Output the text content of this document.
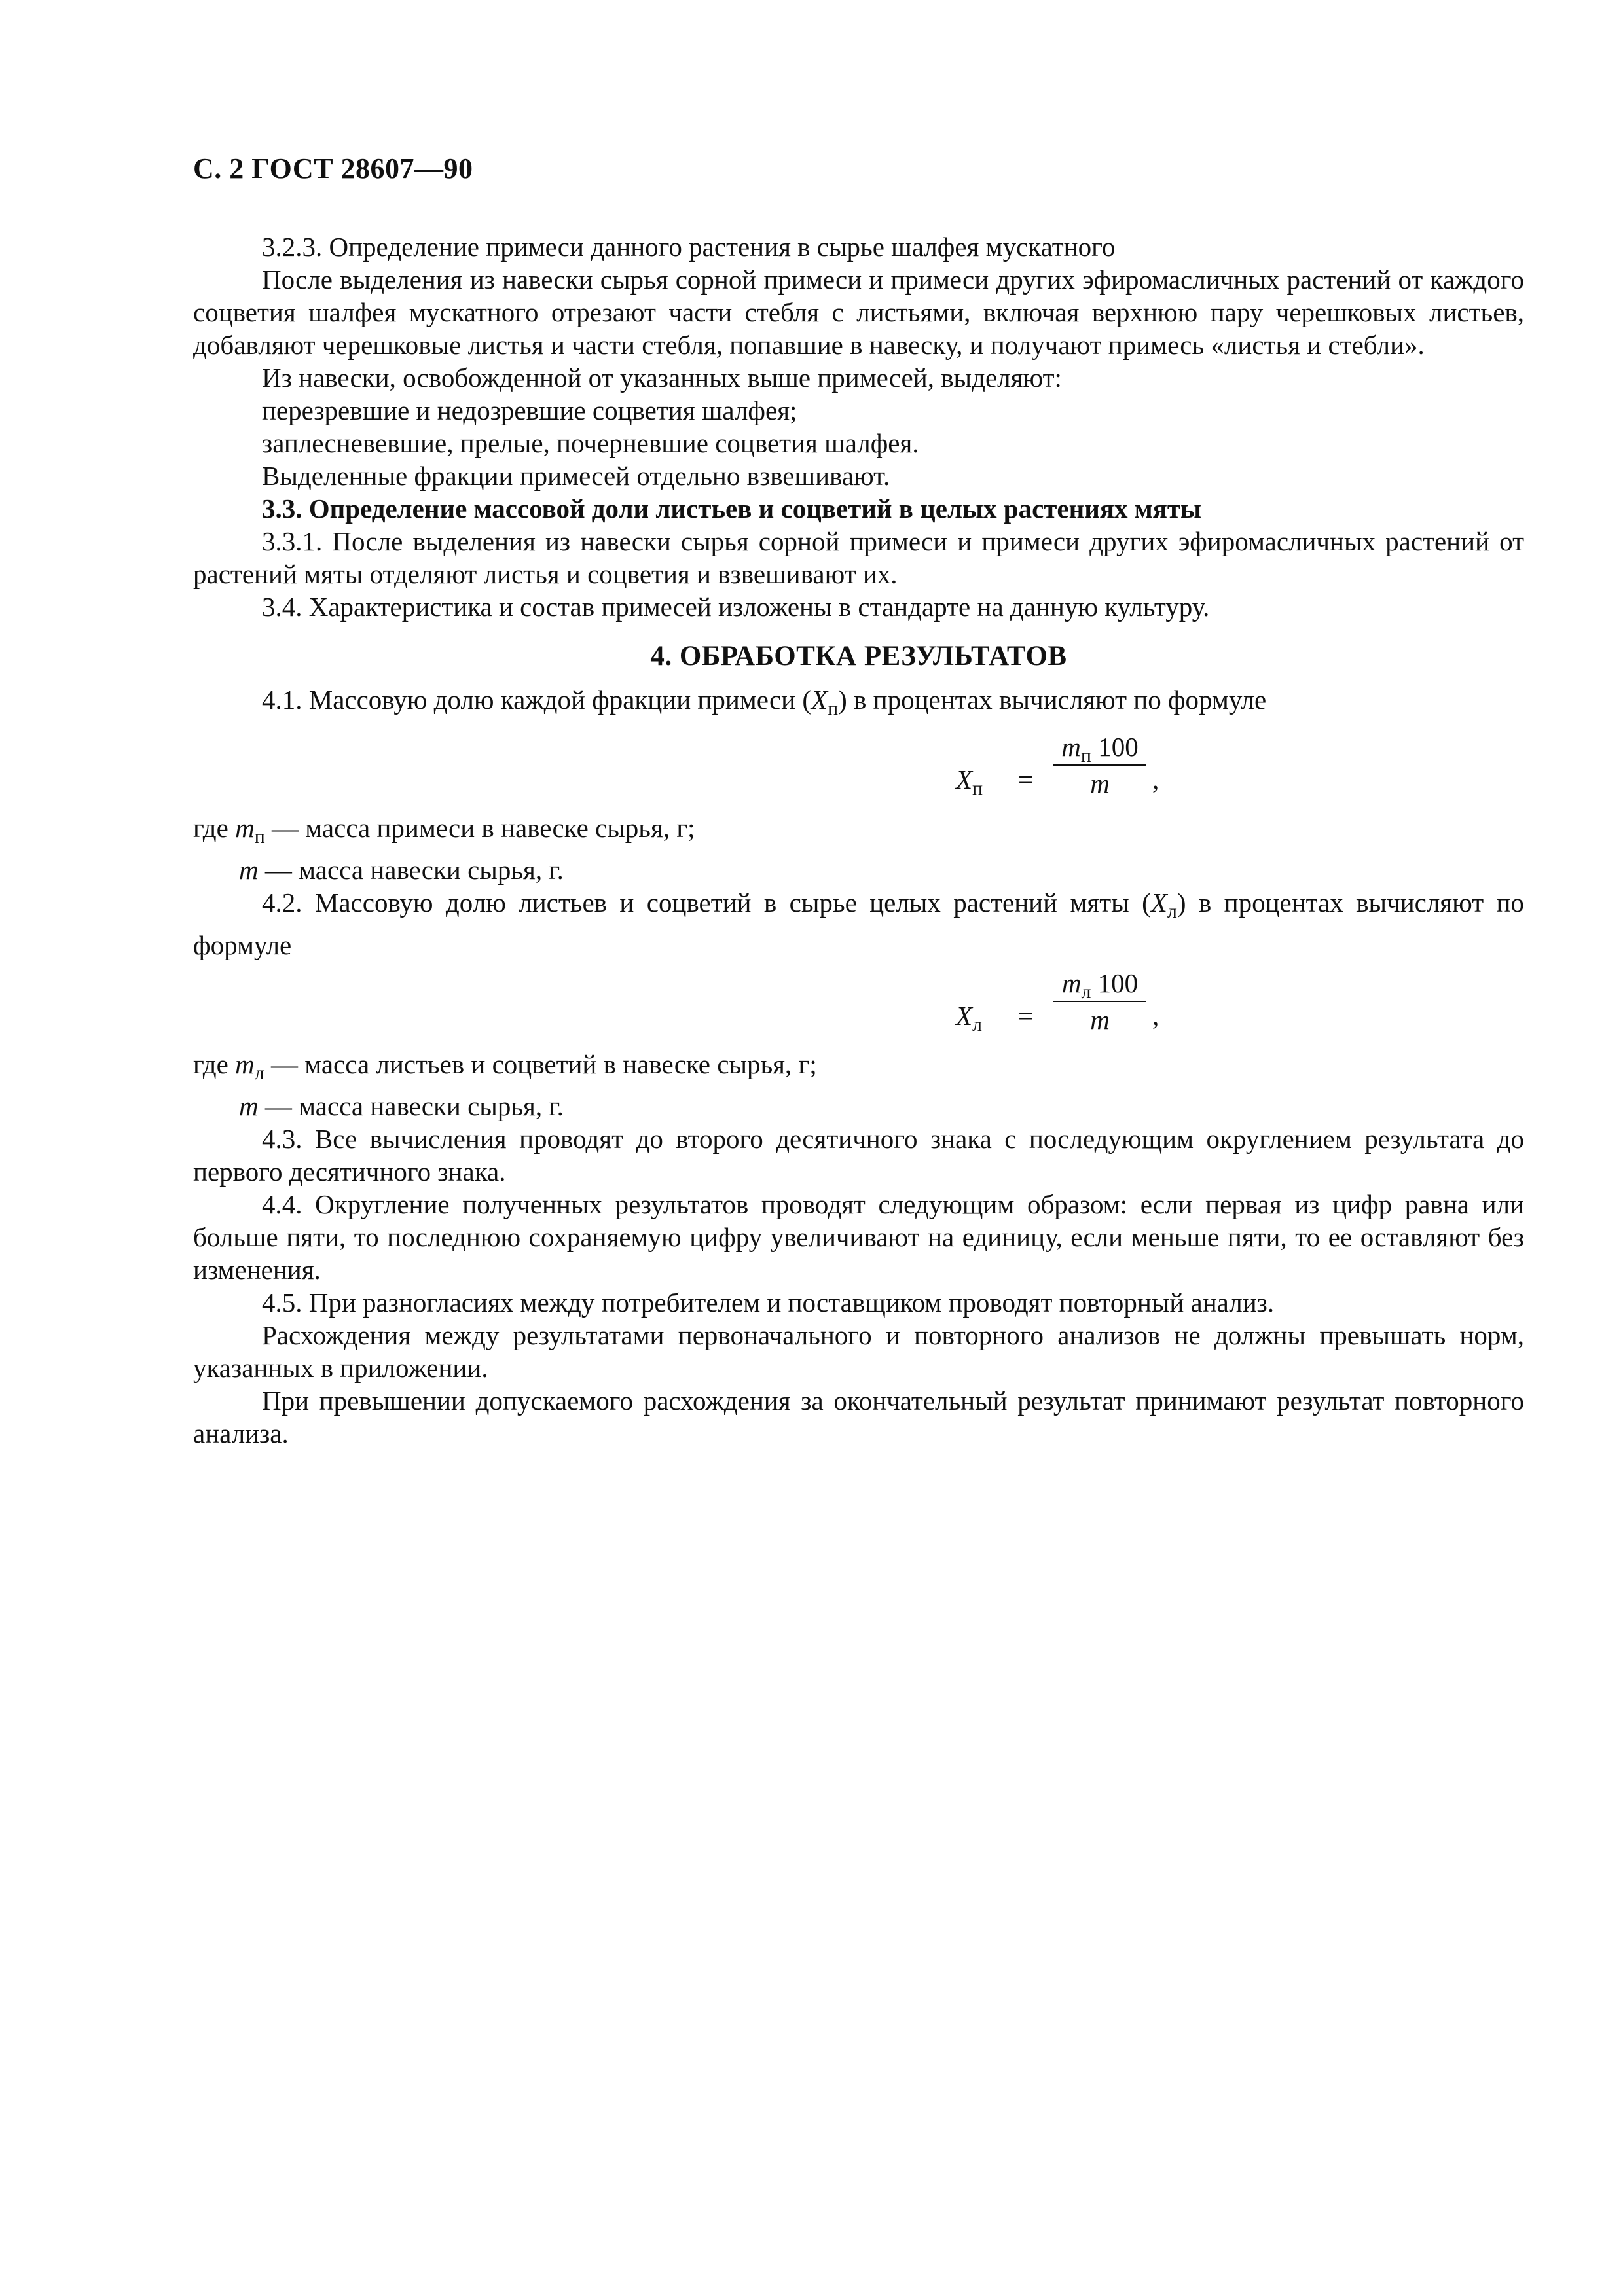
С. 2 ГОСТ 28607—90

3.2.3. Определение примеси данного растения в сырье шалфея мускатного

После выделения из навески сырья сорной примеси и примеси других эфиромасличных растений от каждого соцветия шалфея мускатного отрезают части стебля с листьями, включая верхнюю пару черешковых листьев, добавляют черешковые листья и части стебля, попавшие в навеску, и получают примесь «листья и стебли».

Из навески, освобожденной от указанных выше примесей, выделяют:

перезревшие и недозревшие соцветия шалфея;

заплесневевшие, прелые, почерневшие соцветия шалфея.

Выделенные фракции примесей отдельно взвешивают.

3.3. Определение массовой доли листьев и соцветий в целых растениях мяты

3.3.1. После выделения из навески сырья сорной примеси и примеси других эфиромасличных растений от растений мяты отделяют листья и соцветия и взвешивают их.

3.4. Характеристика и состав примесей изложены в стандарте на данную культуру.

4. ОБРАБОТКА РЕЗУЛЬТАТОВ

4.1. Массовую долю каждой фракции примеси $(X_п)$ в процентах вычисляют по формуле

$X_п$ =
$m_п$ 100
m	,

где $m_п$ — масса примеси в навеске сырья, г;

m — масса навески сырья, г.

4.2. Массовую долю листьев и соцветий в сырье целых растений мяты $(X_л)$ в процентах вычисляют по формуле

$X_л$ =
$m_л$ 100
m	,

где $m_л$ — масса листьев и соцветий в навеске сырья, г;

m — масса навески сырья, г.

4.3. Все вычисления проводят до второго десятичного знака с последующим округлением результата до первого десятичного знака.

4.4. Округление полученных результатов проводят следующим образом: если первая из цифр равна или больше пяти, то последнюю сохраняемую цифру увеличивают на единицу, если меньше пяти, то ее оставляют без изменения.

4.5. При разногласиях между потребителем и поставщиком проводят повторный анализ.

Расхождения между результатами первоначального и повторного анализов не должны превышать норм, указанных в приложении.

При превышении допускаемого расхождения за окончательный результат принимают результат повторного анализа.
